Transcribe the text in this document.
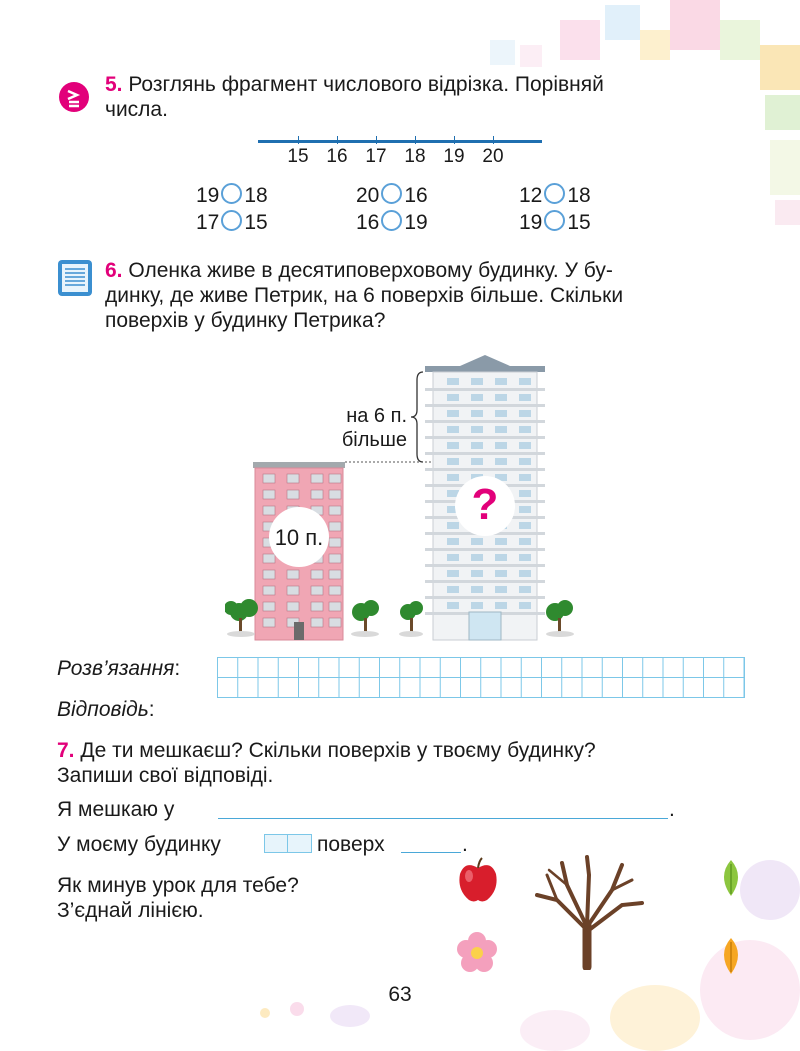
5. Розглянь фрагмент числового відрізка. Порівняй
числа.
15 16 17 18 19 20
19 18	20 16	12 18
17 15	16 19	19 15
6. Оленка живе в десятиповерховому будинку. У бу-
динку, де живе Петрик, на 6 поверхів більше. Скільки
поверхів у будинку Петрика?
на 6 п.
більше
10 п.
?
Розв’язання:
Відповідь:
7. Де ти мешкаєш? Скільки поверхів у твоєму будинку?
Запиши свої відповіді.
Я мешкаю у	.
У моєму будинку	поверх	.
Як минув урок для тебе?
З’єднай лінією.
63
